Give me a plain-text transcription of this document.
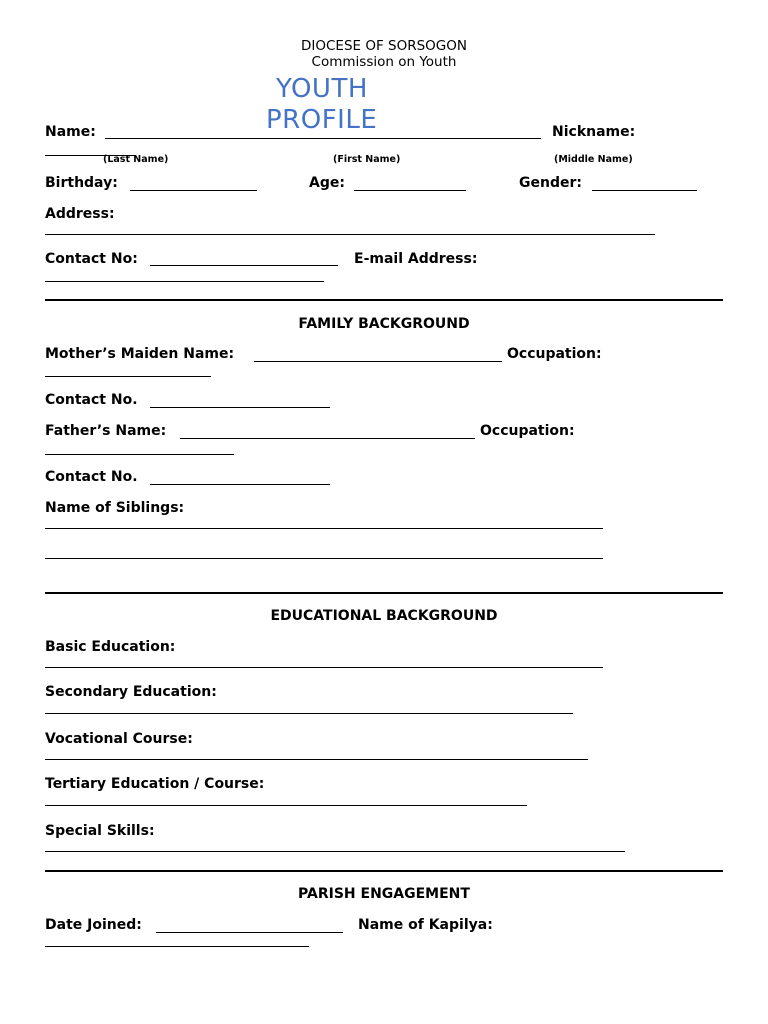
DIOCESE OF SORSOGON
Commission on Youth
YOUTH
PROFILE
Name:	Nickname:
(Last Name)	(First Name)	(Middle Name)
Birthday:	Age:	Gender:
Address:
Contact No:	E-mail Address:
FAMILY BACKGROUND
Mother’s Maiden Name:	Occupation:
Contact No.
Father’s Name:	Occupation:
Contact No.
Name of Siblings:
EDUCATIONAL BACKGROUND
Basic Education:
Secondary Education:
Vocational Course:
Tertiary Education / Course:
Special Skills:
PARISH ENGAGEMENT
Date Joined:	Name of Kapilya:
